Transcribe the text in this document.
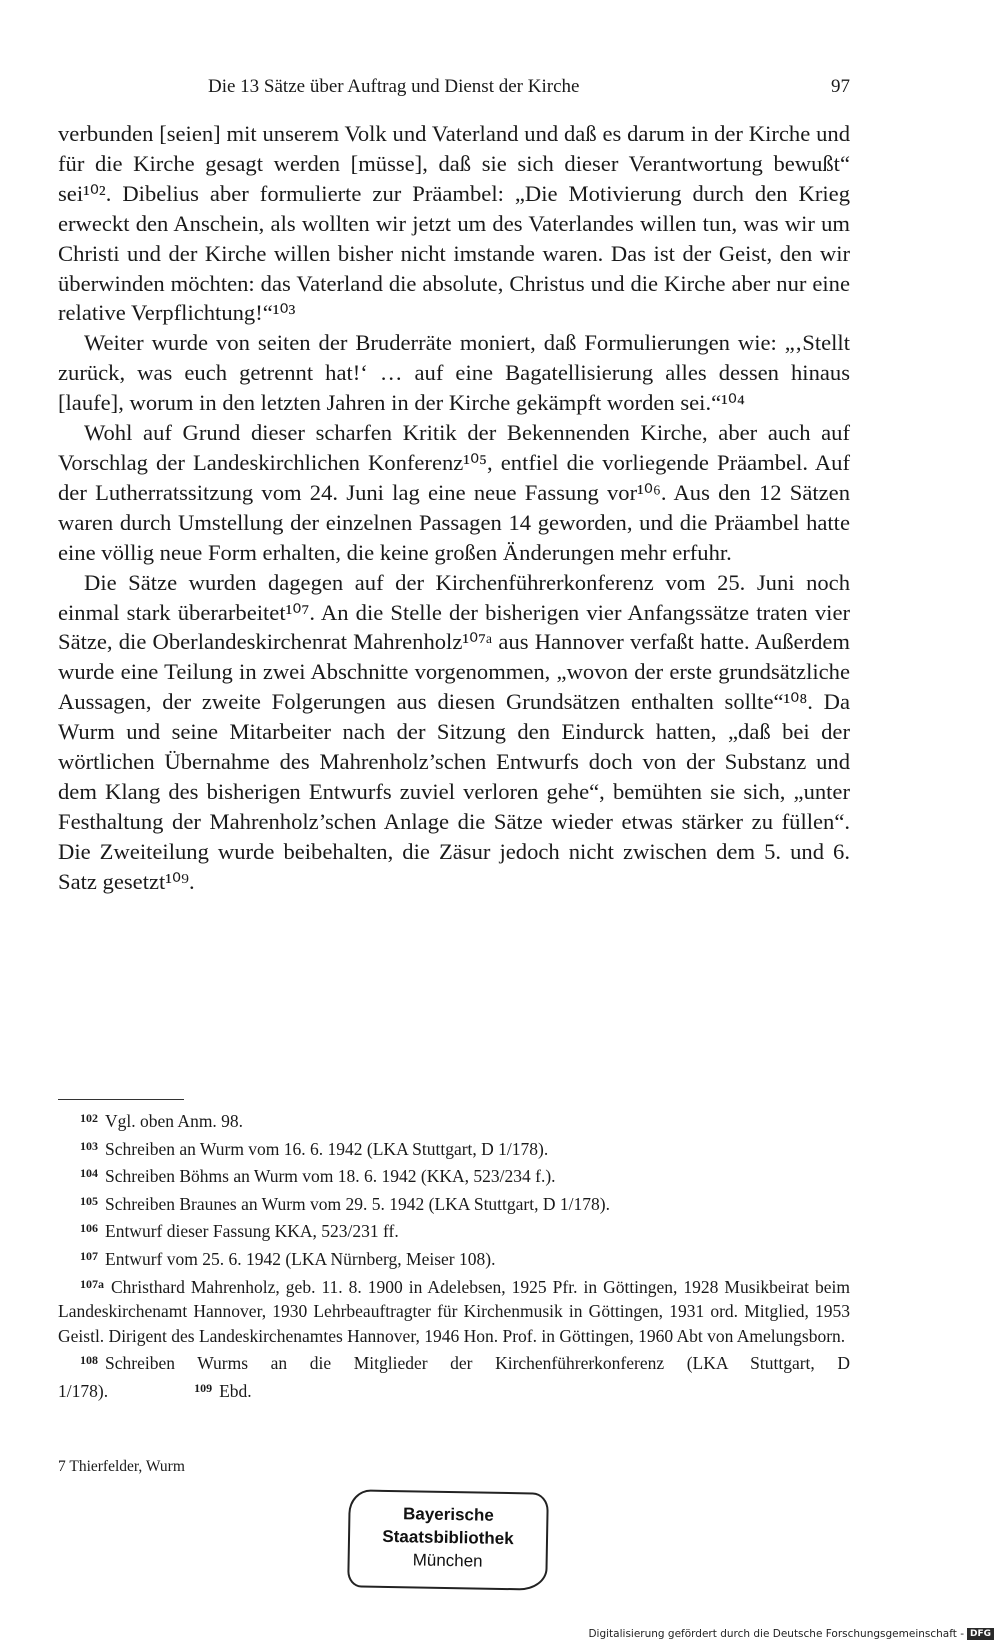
Die 13 Sätze über Auftrag und Dienst der Kirche	97

verbunden [seien] mit unserem Volk und Vaterland und daß es darum in der Kirche und für die Kirche gesagt werden [müsse], daß sie sich dieser Verantwortung bewußt“ sei¹⁰². Dibelius aber formulierte zur Präambel: „Die Motivierung durch den Krieg erweckt den Anschein, als wollten wir jetzt um des Vaterlandes willen tun, was wir um Christi und der Kirche willen bisher nicht imstande waren. Das ist der Geist, den wir überwinden möchten: das Vaterland die absolute, Christus und die Kirche aber nur eine relative Verpflichtung!“¹⁰³

Weiter wurde von seiten der Bruderräte moniert, daß Formulierungen wie: „‚Stellt zurück, was euch getrennt hat!‘ … auf eine Bagatellisierung alles dessen hinaus [laufe], worum in den letzten Jahren in der Kirche gekämpft worden sei.“¹⁰⁴

Wohl auf Grund dieser scharfen Kritik der Bekennenden Kirche, aber auch auf Vorschlag der Landeskirchlichen Konferenz¹⁰⁵, entfiel die vorliegende Präambel. Auf der Lutherratssitzung vom 24. Juni lag eine neue Fassung vor¹⁰⁶. Aus den 12 Sätzen waren durch Umstellung der einzelnen Passagen 14 geworden, und die Präambel hatte eine völlig neue Form erhalten, die keine großen Änderungen mehr erfuhr.

Die Sätze wurden dagegen auf der Kirchenführerkonferenz vom 25. Juni noch einmal stark überarbeitet¹⁰⁷. An die Stelle der bisherigen vier Anfangssätze traten vier Sätze, die Oberlandeskirchenrat Mahrenholz¹⁰⁷ᵃ aus Hannover verfaßt hatte. Außerdem wurde eine Teilung in zwei Abschnitte vorgenommen, „wovon der erste grundsätzliche Aussagen, der zweite Folgerungen aus diesen Grundsätzen enthalten sollte“¹⁰⁸. Da Wurm und seine Mitarbeiter nach der Sitzung den Eindurck hatten, „daß bei der wörtlichen Übernahme des Mahrenholz’schen Entwurfs doch von der Substanz und dem Klang des bisherigen Entwurfs zuviel verloren gehe“, bemühten sie sich, „unter Festhaltung der Mahrenholz’schen Anlage die Sätze wieder etwas stärker zu füllen“. Die Zweiteilung wurde beibehalten, die Zäsur jedoch nicht zwischen dem 5. und 6. Satz gesetzt¹⁰⁹.

$^{102}$ Vgl. oben Anm. 98.
$^{103}$ Schreiben an Wurm vom 16. 6. 1942 (LKA Stuttgart, D 1/178).
$^{104}$ Schreiben Böhms an Wurm vom 18. 6. 1942 (KKA, 523/234 f.).
$^{105}$ Schreiben Braunes an Wurm vom 29. 5. 1942 (LKA Stuttgart, D 1/178).
$^{106}$ Entwurf dieser Fassung KKA, 523/231 ff.
$^{107}$ Entwurf vom 25. 6. 1942 (LKA Nürnberg, Meiser 108).
$^{107a}$ Christhard Mahrenholz, geb. 11. 8. 1900 in Adelebsen, 1925 Pfr. in Göttingen, 1928 Musikbeirat beim Landeskirchenamt Hannover, 1930 Lehrbeauftragter für Kirchenmusik in Göttingen, 1931 ord. Mitglied, 1953 Geistl. Dirigent des Landeskirchenamtes Hannover, 1946 Hon. Prof. in Göttingen, 1960 Abt von Amelungsborn.
$^{108}$ Schreiben Wurms an die Mitglieder der Kirchenführerkonferenz (LKA Stuttgart, D 1/178).	$^{109}$ Ebd.
7 Thierfelder, Wurm
Bayerische
Staatsbibliothek
München
Digitalisierung gefördert durch die Deutsche Forschungsgemeinschaft - DFG
